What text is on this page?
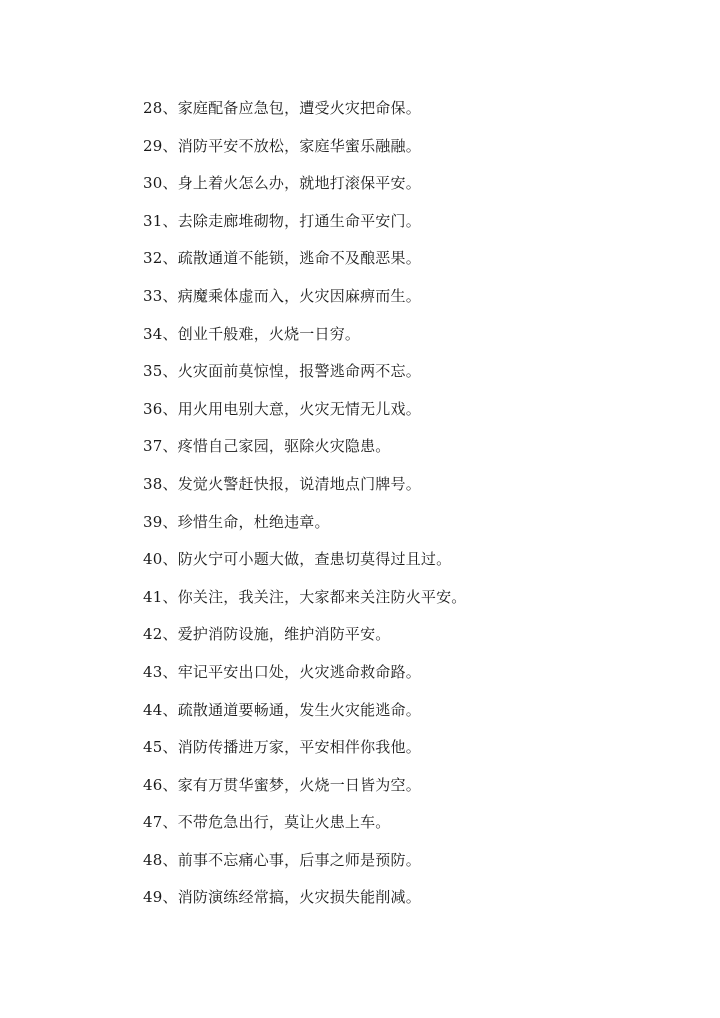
28、家庭配备应急包，遭受火灾把命保。
29、消防平安不放松，家庭华蜜乐融融。
30、身上着火怎么办，就地打滚保平安。
31、去除走廊堆砌物，打通生命平安门。
32、疏散通道不能锁，逃命不及酿恶果。
33、病魔乘体虚而入，火灾因麻痹而生。
34、创业千般难，火烧一日穷。
35、火灾面前莫惊惶，报警逃命两不忘。
36、用火用电别大意，火灾无情无儿戏。
37、疼惜自己家园，驱除火灾隐患。
38、发觉火警赶快报，说清地点门牌号。
39、珍惜生命，杜绝违章。
40、防火宁可小题大做，查患切莫得过且过。
41、你关注，我关注，大家都来关注防火平安。
42、爱护消防设施，维护消防平安。
43、牢记平安出口处，火灾逃命救命路。
44、疏散通道要畅通，发生火灾能逃命。
45、消防传播进万家，平安相伴你我他。
46、家有万贯华蜜梦，火烧一日皆为空。
47、不带危急出行，莫让火患上车。
48、前事不忘痛心事，后事之师是预防。
49、消防演练经常搞，火灾损失能削减。
